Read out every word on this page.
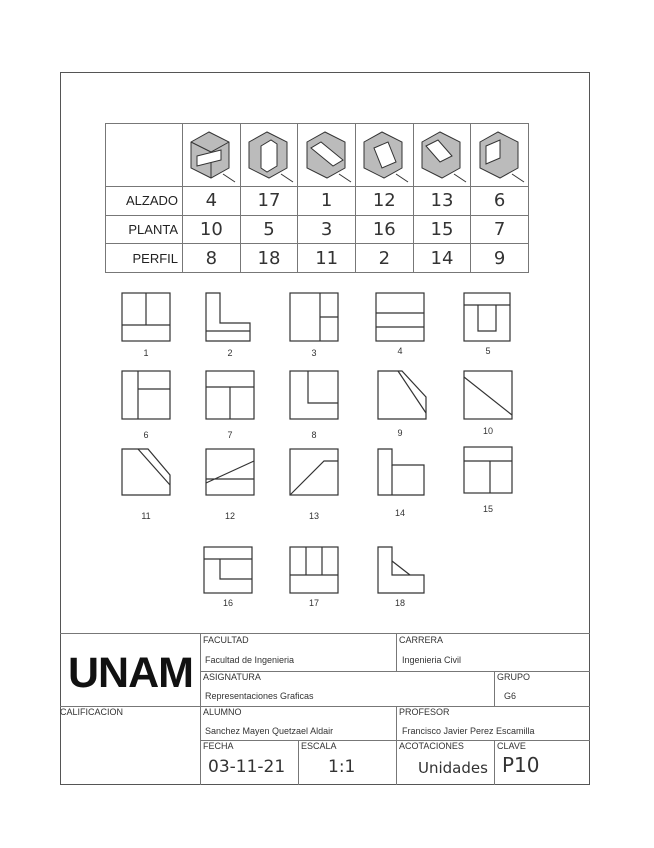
ALZADO	4	17	1	12	13	6
PLANTA	10	5	3	16	15	7
PERFIL	8	18	11	2	14	9
1	2	3	4	5
6	7	8	9	10
11	12	13	14	15
16	17	18
UNAM
CALIFICACION
FACULTAD
Facultad de Ingenieria
CARRERA
Ingenieria Civil
ASIGNATURA
Representaciones Graficas
GRUPO
G6
ALUMNO
Sanchez Mayen Quetzael Aldair
PROFESOR
Francisco Javier Perez Escamilla
FECHA
03-11-21
ESCALA
1:1
ACOTACIONES
Unidades
CLAVE
P10
